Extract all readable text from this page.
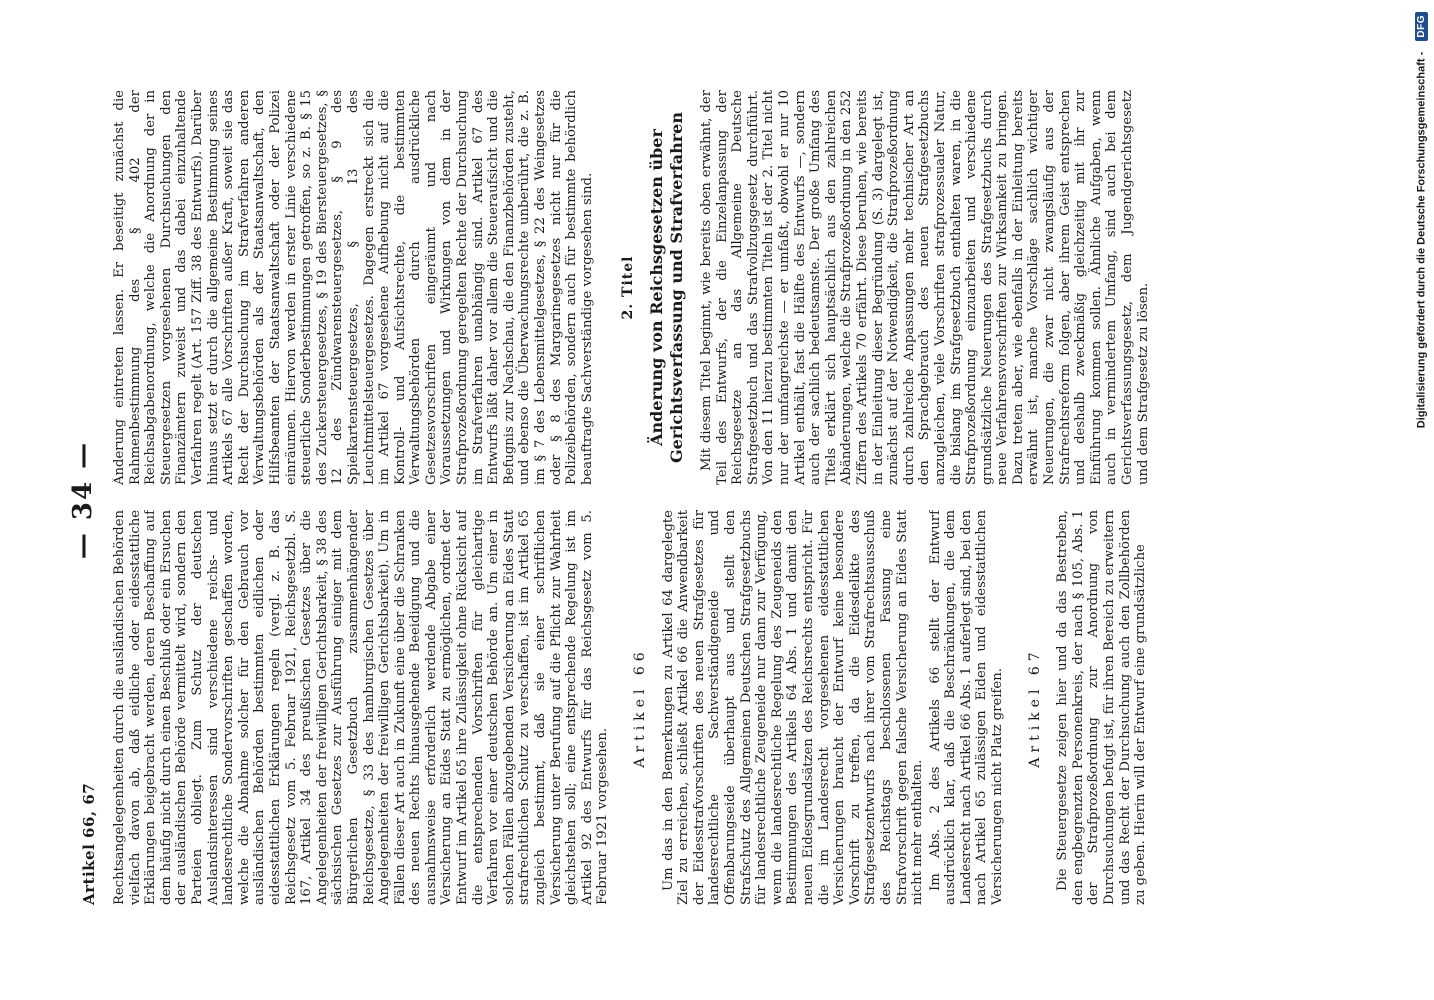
Artikel 66, 67
— 34 —

Rechtsangelegenheiten durch die ausländischen Behörden vielfach davon ab, daß eidliche oder eidesstattliche Erklärungen beigebracht werden, deren Beschaffung auf dem häufig nicht durch einen Beschluß oder ein Ersuchen der ausländischen Behörde vermittelt wird, sondern den Parteien obliegt. Zum Schutz der deutschen Auslandsinteressen sind verschiedene reichs- und landesrechtliche Sondervorschriften geschaffen worden, welche die Abnahme solcher für den Gebrauch vor ausländischen Behörden bestimmten eidlichen oder eidesstattlichen Erklärungen regeln (vergl. z. B. das Reichsgesetz vom 5. Februar 1921, Reichsgesetzbl. S. 167, Artikel 34 des preußischen Gesetzes über die Angelegenheiten der freiwilligen Gerichtsbarkeit, § 38 des sächsischen Gesetzes zur Ausführung einiger mit dem Bürgerlichen Gesetzbuch zusammenhängender Reichsgesetze, § 33 des hamburgischen Gesetzes über Angelegenheiten der freiwilligen Gerichtsbarkeit). Um in Fällen dieser Art auch in Zukunft eine über die Schranken des neuen Rechts hinausgehende Beeidigung und die ausnahmsweise erforderlich werdende Abgabe einer Versicherung an Eides Statt zu ermöglichen, ordnet der Entwurf im Artikel 65 ihre Zulässigkeit ohne Rücksicht auf die entsprechenden Vorschriften für gleichartige Verfahren vor einer deutschen Behörde an. Um einer in solchen Fällen abzugebenden Versicherung an Eides Statt strafrechtlichen Schutz zu verschaffen, ist im Artikel 65 zugleich bestimmt, daß sie einer schriftlichen Versicherung unter Berufung auf die Pflicht zur Wahrheit gleichstehen soll; eine entsprechende Regelung ist im Artikel 92 des Entwurfs für das Reichsgesetz vom 5. Februar 1921 vorgesehen.

Artikel 66 Um das in den Bemerkungen zu Artikel 64 dargelegte Ziel zu erreichen, schließt Artikel 66 die Anwendbarkeit der Eidesstrafvorschriften des neuen Strafgesetzes für landesrechtliche Sachverständigeneide und Offenbarungseide überhaupt aus und stellt den Strafschutz des Allgemeinen Deutschen Strafgesetzbuchs für landesrechtliche Zeugeneide nur dann zur Verfügung, wenn die landesrechtliche Regelung des Zeugeneids den Bestimmungen des Artikels 64 Abs. 1 und damit den neuen Eidesgrundsätzen des Reichsrechts entspricht. Für die im Landesrecht vorgesehenen eidesstattlichen Versicherungen braucht der Entwurf keine besondere Vorschrift zu treffen, da die Eidesdelikte des Strafgesetzentwurfs nach ihrer vom Strafrechtsausschuß des Reichstags beschlossenen Fassung eine Strafvorschrift gegen falsche Versicherung an Eides Statt nicht mehr enthalten. Im Abs. 2 des Artikels 66 stellt der Entwurf ausdrücklich klar, daß die Beschränkungen, die dem Landesrecht nach Artikel 66 Abs. 1 auferlegt sind, bei den nach Artikel 65 zulässigen Eiden und eidesstattlichen Versicherungen nicht Platz greifen. Artikel 67 Die Steuergesetze zeigen hier und da das Bestreben, den engbegrenzten Personenkreis, der nach § 105, Abs. 1 der Strafprozeßordnung zur Anordnung von Durchsuchungen befugt ist, für ihren Bereich zu erweitern und das Recht der Durchsuchung auch den Zollbehörden zu geben. Hierin will der Entwurf eine grundsätzliche

Änderung eintreten lassen. Er beseitigt zunächst die Rahmenbestimmung des § 402 der Reichsabgabenordnung, welche die Anordnung der in Steuergesetzen vorgesehenen Durchsuchungen den Finanzämtern zuweist und das dabei einzuhaltende Verfahren regelt (Art. 157 Ziff. 38 des Entwurfs). Darüber hinaus setzt er durch die allgemeine Bestimmung seines Artikels 67 alle Vorschriften außer Kraft, soweit sie das Recht der Durchsuchung im Strafverfahren anderen Verwaltungsbehörden als der Staatsanwaltschaft, den Hilfsbeamten der Staatsanwaltschaft oder der Polizei einräumen. Hiervon werden in erster Linie verschiedene steuerliche Sonderbestimmungen getroffen, so z. B. § 15 des Zuckersteuergesetzes, § 19 des Biersteuergesetzes, § 12 des Zündwarensteuergesetzes, § 9 des Spielkartensteuergesetzes, § 13 des Leuchtmittelsteuergesetzes. Dagegen erstreckt sich die im Artikel 67 vorgesehene Aufhebung nicht auf die Kontroll- und Aufsichtsrechte, die bestimmten Verwaltungsbehörden durch ausdrückliche Gesetzesvorschriften eingeräumt und nach Voraussetzungen und Wirkungen von dem in der Strafprozeßordnung geregelten Rechte der Durchsuchung im Strafverfahren unabhängig sind. Artikel 67 des Entwurfs läßt daher vor allem die Steueraufsicht und die Befugnis zur Nachschau, die den Finanzbehörden zusteht, und ebenso die Überwachungsrechte unberührt, die z. B. im § 7 des Lebensmittelgesetzes, § 22 des Weingesetzes oder § 8 des Margarinegesetzes nicht nur für die Polizeibehörden, sondern auch für bestimmte behördlich beauftragte Sachverständige vorgesehen sind. 2. Titel Änderung von Reichsgesetzen über Gerichtsverfassung und Strafverfahren Mit diesem Titel beginnt, wie bereits oben erwähnt, der Teil des Entwurfs, der die Einzelanpassung der Reichsgesetze an das Allgemeine Deutsche Strafgesetzbuch und das Strafvollzugsgesetz durchführt. Von den 11 hierzu bestimmten Titeln ist der 2. Titel nicht nur der umfangreichste — er umfaßt, obwohl er nur 10 Artikel enthält, fast die Hälfte des Entwurfs —, sondern auch der sachlich bedeutsamste. Der große Umfang des Titels erklärt sich hauptsächlich aus den zahlreichen Abänderungen, welche die Strafprozeßordnung in den 252 Ziffern des Artikels 70 erfährt. Diese beruhen, wie bereits in der Einleitung dieser Begründung (S. 3) dargelegt ist, zunächst auf der Notwendigkeit, die Strafprozeßordnung durch zahlreiche Anpassungen mehr technischer Art an den Sprachgebrauch des neuen Strafgesetzbuchs anzugleichen, viele Vorschriften strafprozessualer Natur, die bislang im Strafgesetzbuch enthalten waren, in die Strafprozeßordnung einzuarbeiten und verschiedene grundsätzliche Neuerungen des Strafgesetzbuchs durch neue Verfahrensvorschriften zur Wirksamkeit zu bringen. Dazu treten aber, wie ebenfalls in der Einleitung bereits erwähnt ist, manche Vorschläge sachlich wichtiger Neuerungen, die zwar nicht zwangsläufig aus der Strafrechtsreform folgen, aber ihrem Geist entsprechen und deshalb zweckmäßig gleichzeitig mit ihr zur Einführung kommen sollen. Ähnliche Aufgaben, wenn auch in vermindertem Umfang, sind auch bei dem Gerichtsverfassungsgesetz, dem Jugendgerichtsgesetz und dem Strafgesetz zu lösen.	Digitalisierung gefördert durch die Deutsche Forschungsgemeinschaft - DFG
